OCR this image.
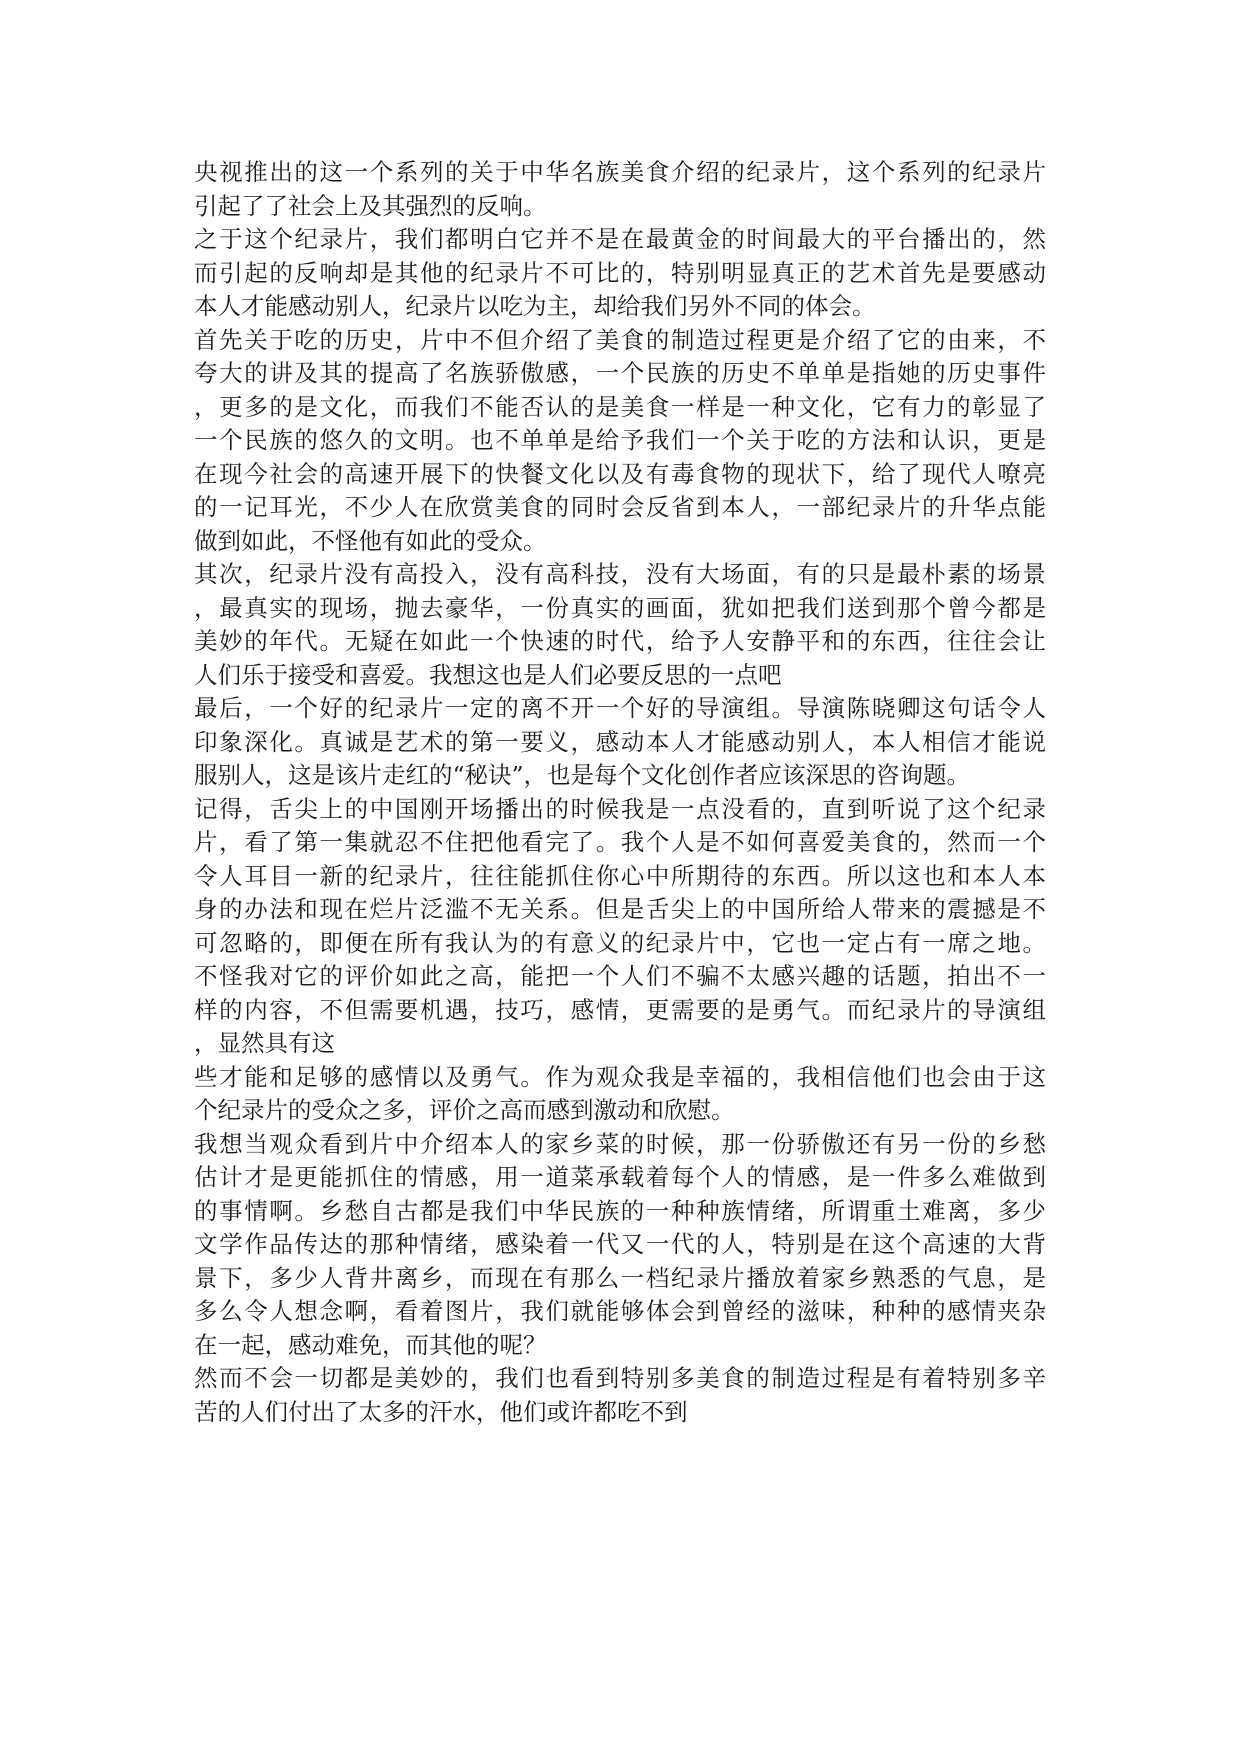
央视推出的这一个系列的关于中华名族美食介绍的纪录片，这个系列的纪录片
引起了了社会上及其强烈的反响。
之于这个纪录片，我们都明白它并不是在最黄金的时间最大的平台播出的，然
而引起的反响却是其他的纪录片不可比的，特别明显真正的艺术首先是要感动
本人才能感动别人，纪录片以吃为主，却给我们另外不同的体会。
首先关于吃的历史，片中不但介绍了美食的制造过程更是介绍了它的由来，不
夸大的讲及其的提高了名族骄傲感，一个民族的历史不单单是指她的历史事件
，更多的是文化，而我们不能否认的是美食一样是一种文化，它有力的彰显了
一个民族的悠久的文明。也不单单是给予我们一个关于吃的方法和认识，更是
在现今社会的高速开展下的快餐文化以及有毒食物的现状下，给了现代人嘹亮
的一记耳光，不少人在欣赏美食的同时会反省到本人，一部纪录片的升华点能
做到如此，不怪他有如此的受众。
其次，纪录片没有高投入，没有高科技，没有大场面，有的只是最朴素的场景
，最真实的现场，抛去豪华，一份真实的画面，犹如把我们送到那个曾今都是
美妙的年代。无疑在如此一个快速的时代，给予人安静平和的东西，往往会让
人们乐于接受和喜爱。我想这也是人们必要反思的一点吧
最后，一个好的纪录片一定的离不开一个好的导演组。导演陈晓卿这句话令人
印象深化。真诚是艺术的第一要义，感动本人才能感动别人，本人相信才能说
服别人，这是该片走红的“秘诀”，也是每个文化创作者应该深思的咨询题。
记得，舌尖上的中国刚开场播出的时候我是一点没看的，直到听说了这个纪录
片，看了第一集就忍不住把他看完了。我个人是不如何喜爱美食的，然而一个
令人耳目一新的纪录片，往往能抓住你心中所期待的东西。所以这也和本人本
身的办法和现在烂片泛滥不无关系。但是舌尖上的中国所给人带来的震撼是不
可忽略的，即便在所有我认为的有意义的纪录片中，它也一定占有一席之地。
不怪我对它的评价如此之高，能把一个人们不骗不太感兴趣的话题，拍出不一
样的内容，不但需要机遇，技巧，感情，更需要的是勇气。而纪录片的导演组
，显然具有这
些才能和足够的感情以及勇气。作为观众我是幸福的，我相信他们也会由于这
个纪录片的受众之多，评价之高而感到激动和欣慰。
我想当观众看到片中介绍本人的家乡菜的时候，那一份骄傲还有另一份的乡愁
估计才是更能抓住的情感，用一道菜承载着每个人的情感，是一件多么难做到
的事情啊。乡愁自古都是我们中华民族的一种种族情绪，所谓重土难离，多少
文学作品传达的那种情绪，感染着一代又一代的人，特别是在这个高速的大背
景下，多少人背井离乡，而现在有那么一档纪录片播放着家乡熟悉的气息，是
多么令人想念啊，看着图片，我们就能够体会到曾经的滋味，种种的感情夹杂
在一起，感动难免，而其他的呢？
然而不会一切都是美妙的，我们也看到特别多美食的制造过程是有着特别多辛
苦的人们付出了太多的汗水，他们或许都吃不到
